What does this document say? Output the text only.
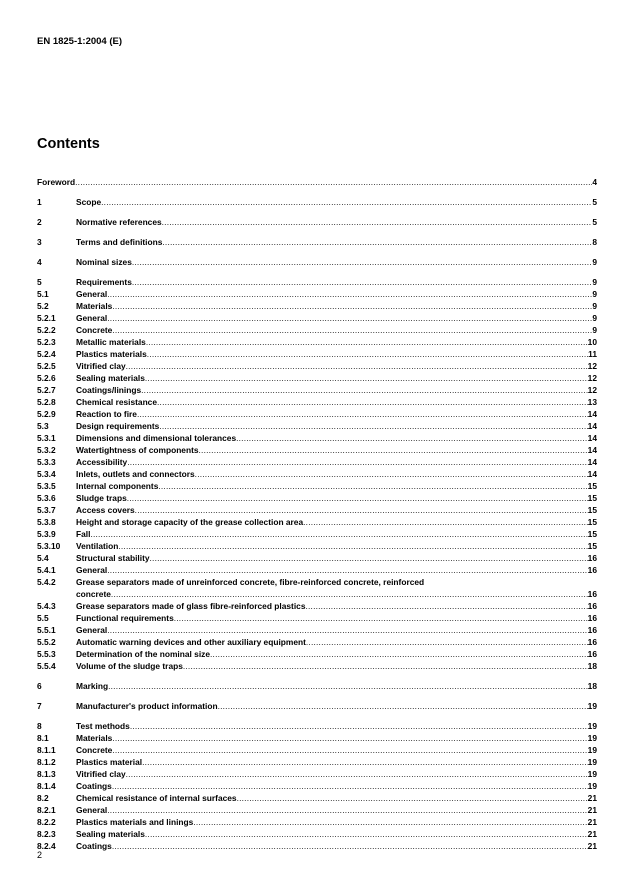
EN 1825-1:2004 (E)
Contents
Foreword .....	4
1	Scope .....	5
2	Normative references .....	5
3	Terms and definitions .....	8
4	Nominal sizes .....	9
5	Requirements .....	9
5.1	General .....	9
5.2	Materials .....	9
5.2.1	General .....	9
5.2.2	Concrete .....	9
5.2.3	Metallic materials .....	10
5.2.4	Plastics materials .....	11
5.2.5	Vitrified clay .....	12
5.2.6	Sealing materials .....	12
5.2.7	Coatings/linings .....	12
5.2.8	Chemical resistance .....	13
5.2.9	Reaction to fire .....	14
5.3	Design requirements .....	14
5.3.1	Dimensions and dimensional tolerances .....	14
5.3.2	Watertightness of components .....	14
5.3.3	Accessibility .....	14
5.3.4	Inlets, outlets and connectors .....	14
5.3.5	Internal components .....	15
5.3.6	Sludge traps .....	15
5.3.7	Access covers .....	15
5.3.8	Height and storage capacity of the grease collection area .....	15
5.3.9	Fall .....	15
5.3.10	Ventilation .....	15
5.4	Structural stability .....	16
5.4.1	General .....	16
5.4.2	Grease separators made of unreinforced concrete, fibre-reinforced concrete, reinforced
concrete .....	16
5.4.3	Grease separators made of glass fibre-reinforced plastics .....	16
5.5	Functional requirements .....	16
5.5.1	General .....	16
5.5.2	Automatic warning devices and other auxiliary equipment .....	16
5.5.3	Determination of the nominal size .....	16
5.5.4	Volume of the sludge traps .....	18
6	Marking .....	18
7	Manufacturer's product information .....	19
8	Test methods .....	19
8.1	Materials .....	19
8.1.1	Concrete .....	19
8.1.2	Plastics material .....	19
8.1.3	Vitrified clay .....	19
8.1.4	Coatings .....	19
8.2	Chemical resistance of internal surfaces .....	21
8.2.1	General .....	21
8.2.2	Plastics materials and linings .....	21
8.2.3	Sealing materials .....	21
8.2.4	Coatings .....	21
2
